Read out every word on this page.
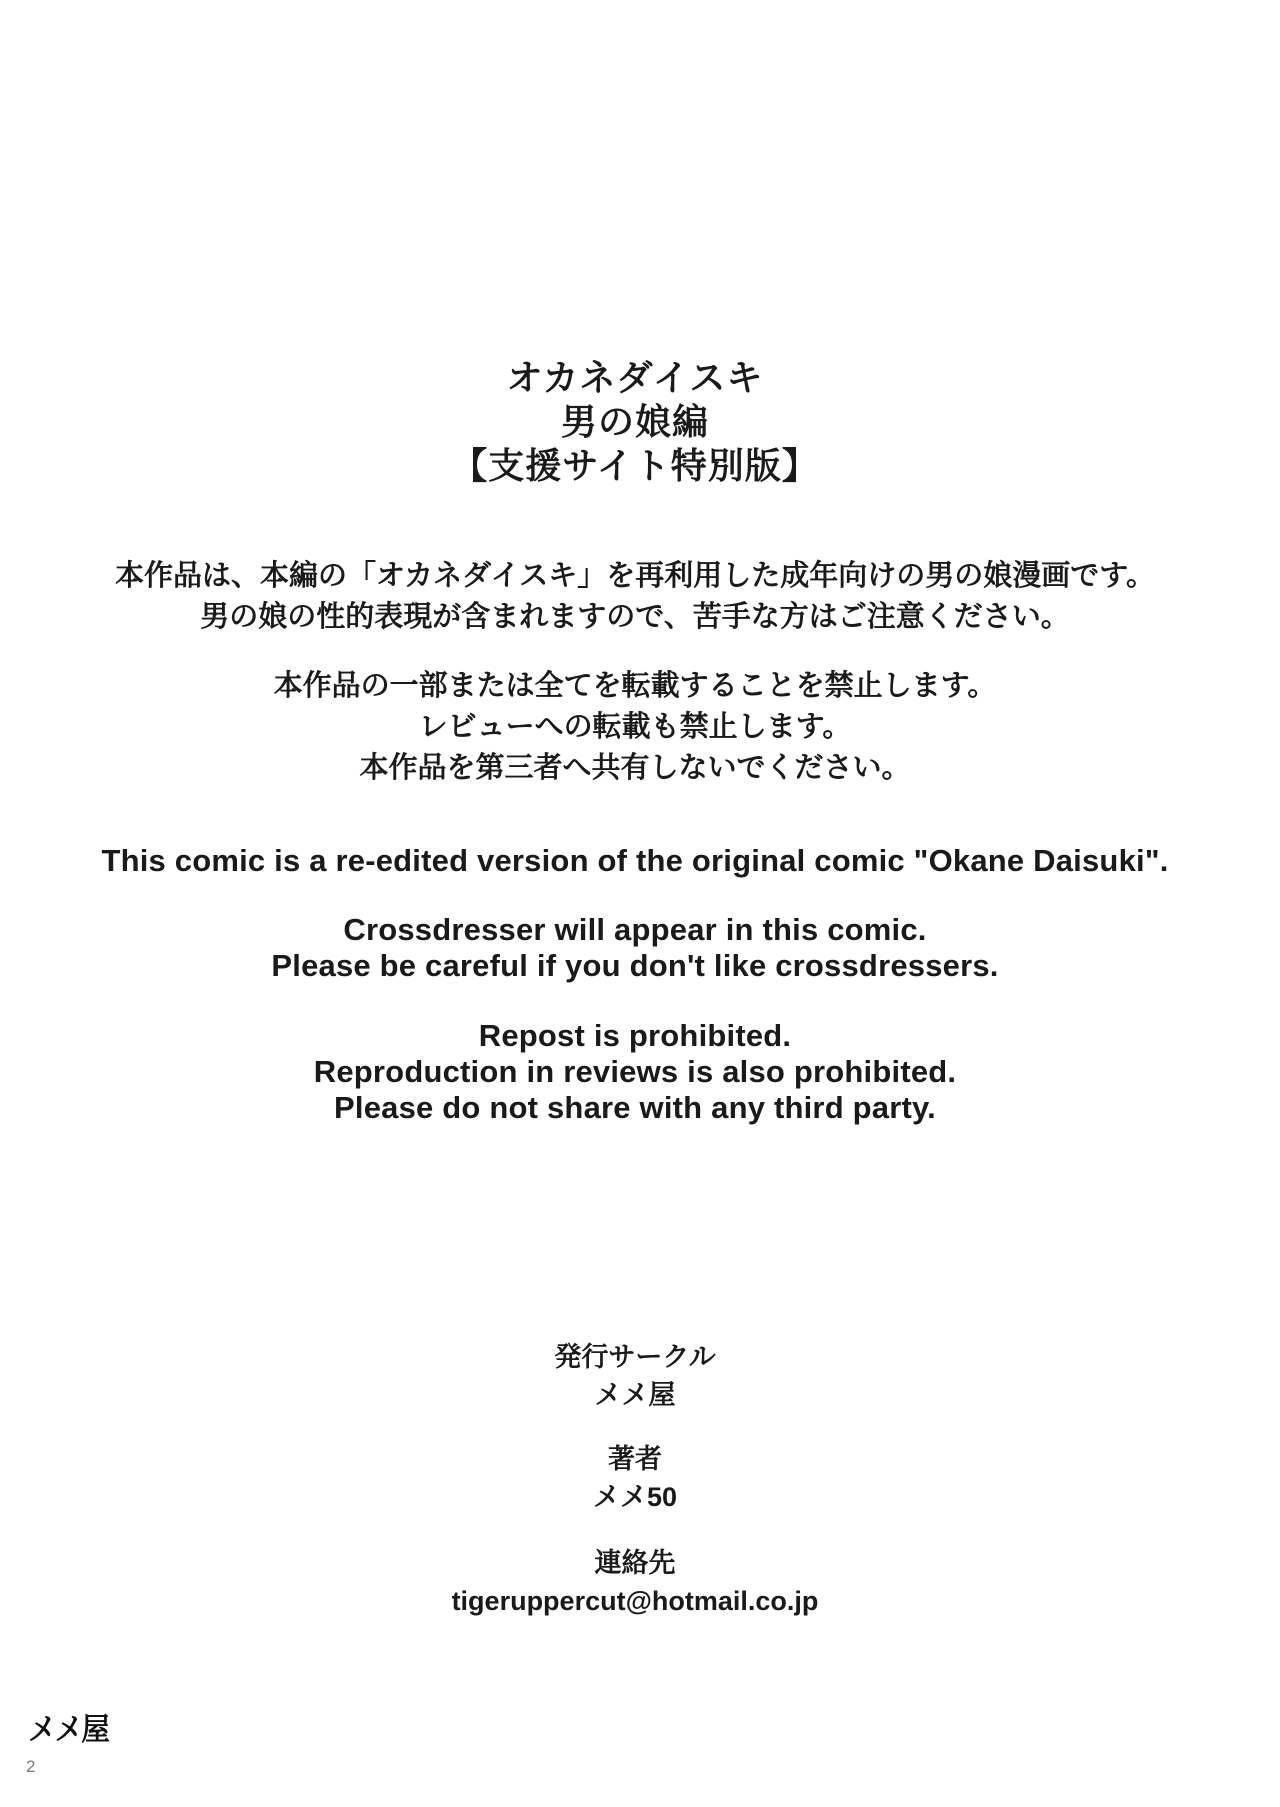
オカネダイスキ
男の娘編
【支援サイト特別版】
本作品は、本編の「オカネダイスキ」を再利用した成年向けの男の娘漫画です。
男の娘の性的表現が含まれますので、苦手な方はご注意ください。
本作品の一部または全てを転載することを禁止します。
レビューへの転載も禁止します。
本作品を第三者へ共有しないでください。
This comic is a re-edited version of the original comic "Okane Daisuki".
Crossdresser will appear in this comic.
Please be careful if you don't like crossdressers.
Repost is prohibited.
Reproduction in reviews is also prohibited.
Please do not share with any third party.
発行サークル
メメ屋
著者
メメ50
連絡先
tigeruppercut@hotmail.co.jp
メメ屋
2
